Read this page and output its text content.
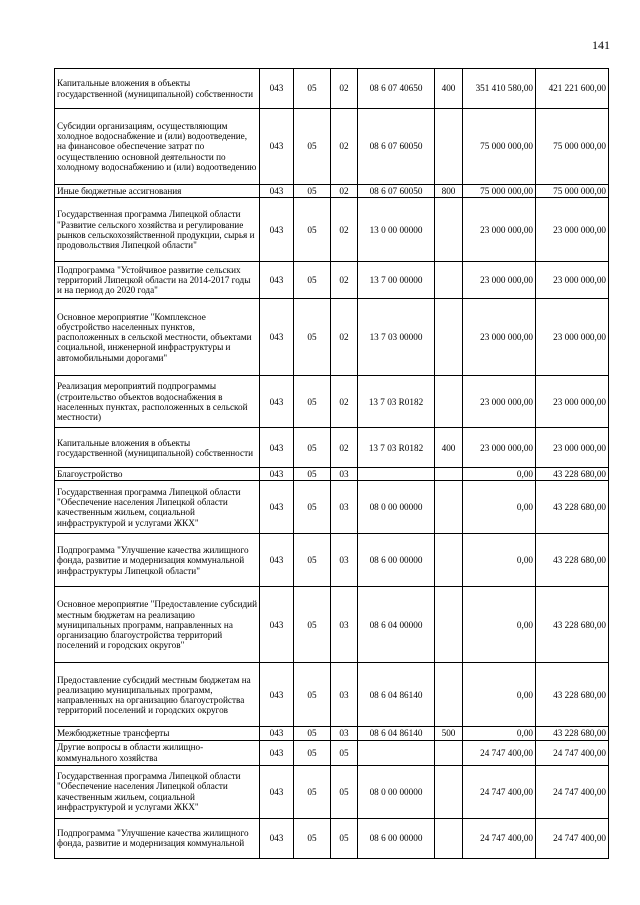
141
Капитальные вложения в объекты государственной (муниципальной) собственности	043	05	02	08 6 07 40650	400	351 410 580,00	421 221 600,00
Субсидии организациям, осуществляющим холодное водоснабжение и (или) водоотведение, на финансовое обеспечение затрат по осуществлению основной деятельности по холодному водоснабжению и (или) водоотведению	043	05	02	08 6 07 60050		75 000 000,00	75 000 000,00
Иные бюджетные ассигнования	043	05	02	08 6 07 60050	800	75 000 000,00	75 000 000,00
Государственная программа Липецкой области "Развитие сельского хозяйства и регулирование рынков сельскохозяйственной продукции, сырья и продовольствия Липецкой области"	043	05	02	13 0 00 00000		23 000 000,00	23 000 000,00
Подпрограмма "Устойчивое развитие сельских территорий Липецкой области на 2014-2017 годы и на период до 2020 года"	043	05	02	13 7 00 00000		23 000 000,00	23 000 000,00
Основное мероприятие "Комплексное обустройство населенных пунктов, расположенных в сельской местности, объектами социальной, инженерной инфраструктуры и автомобильными дорогами"	043	05	02	13 7 03 00000		23 000 000,00	23 000 000,00
Реализация мероприятий подпрограммы (строительство объектов водоснабжения в населенных пунктах, расположенных в сельской местности)	043	05	02	13 7 03 R0182		23 000 000,00	23 000 000,00
Капитальные вложения в объекты государственной (муниципальной) собственности	043	05	02	13 7 03 R0182	400	23 000 000,00	23 000 000,00
Благоустройство	043	05	03			0,00	43 228 680,00
Государственная программа Липецкой области "Обеспечение населения Липецкой области качественным жильем, социальной инфраструктурой и услугами ЖКХ"	043	05	03	08 0 00 00000		0,00	43 228 680,00
Подпрограмма "Улучшение качества жилищного фонда, развитие и модернизация коммунальной инфраструктуры Липецкой области"	043	05	03	08 6 00 00000		0,00	43 228 680,00
Основное мероприятие "Предоставление субсидий местным бюджетам на реализацию муниципальных программ, направленных на организацию благоустройства территорий поселений и городских округов"	043	05	03	08 6 04 00000		0,00	43 228 680,00
Предоставление субсидий местным бюджетам на реализацию муниципальных программ, направленных на организацию благоустройства территорий поселений и городских округов	043	05	03	08 6 04 86140		0,00	43 228 680,00
Межбюджетные трансферты	043	05	03	08 6 04 86140	500	0,00	43 228 680,00
Другие вопросы в области жилищно-коммунального хозяйства	043	05	05			24 747 400,00	24 747 400,00
Государственная программа Липецкой области "Обеспечение населения Липецкой области качественным жильем, социальной инфраструктурой и услугами ЖКХ"	043	05	05	08 0 00 00000		24 747 400,00	24 747 400,00
Подпрограмма "Улучшение качества жилищного фонда, развитие и модернизация коммунальной	043	05	05	08 6 00 00000		24 747 400,00	24 747 400,00
